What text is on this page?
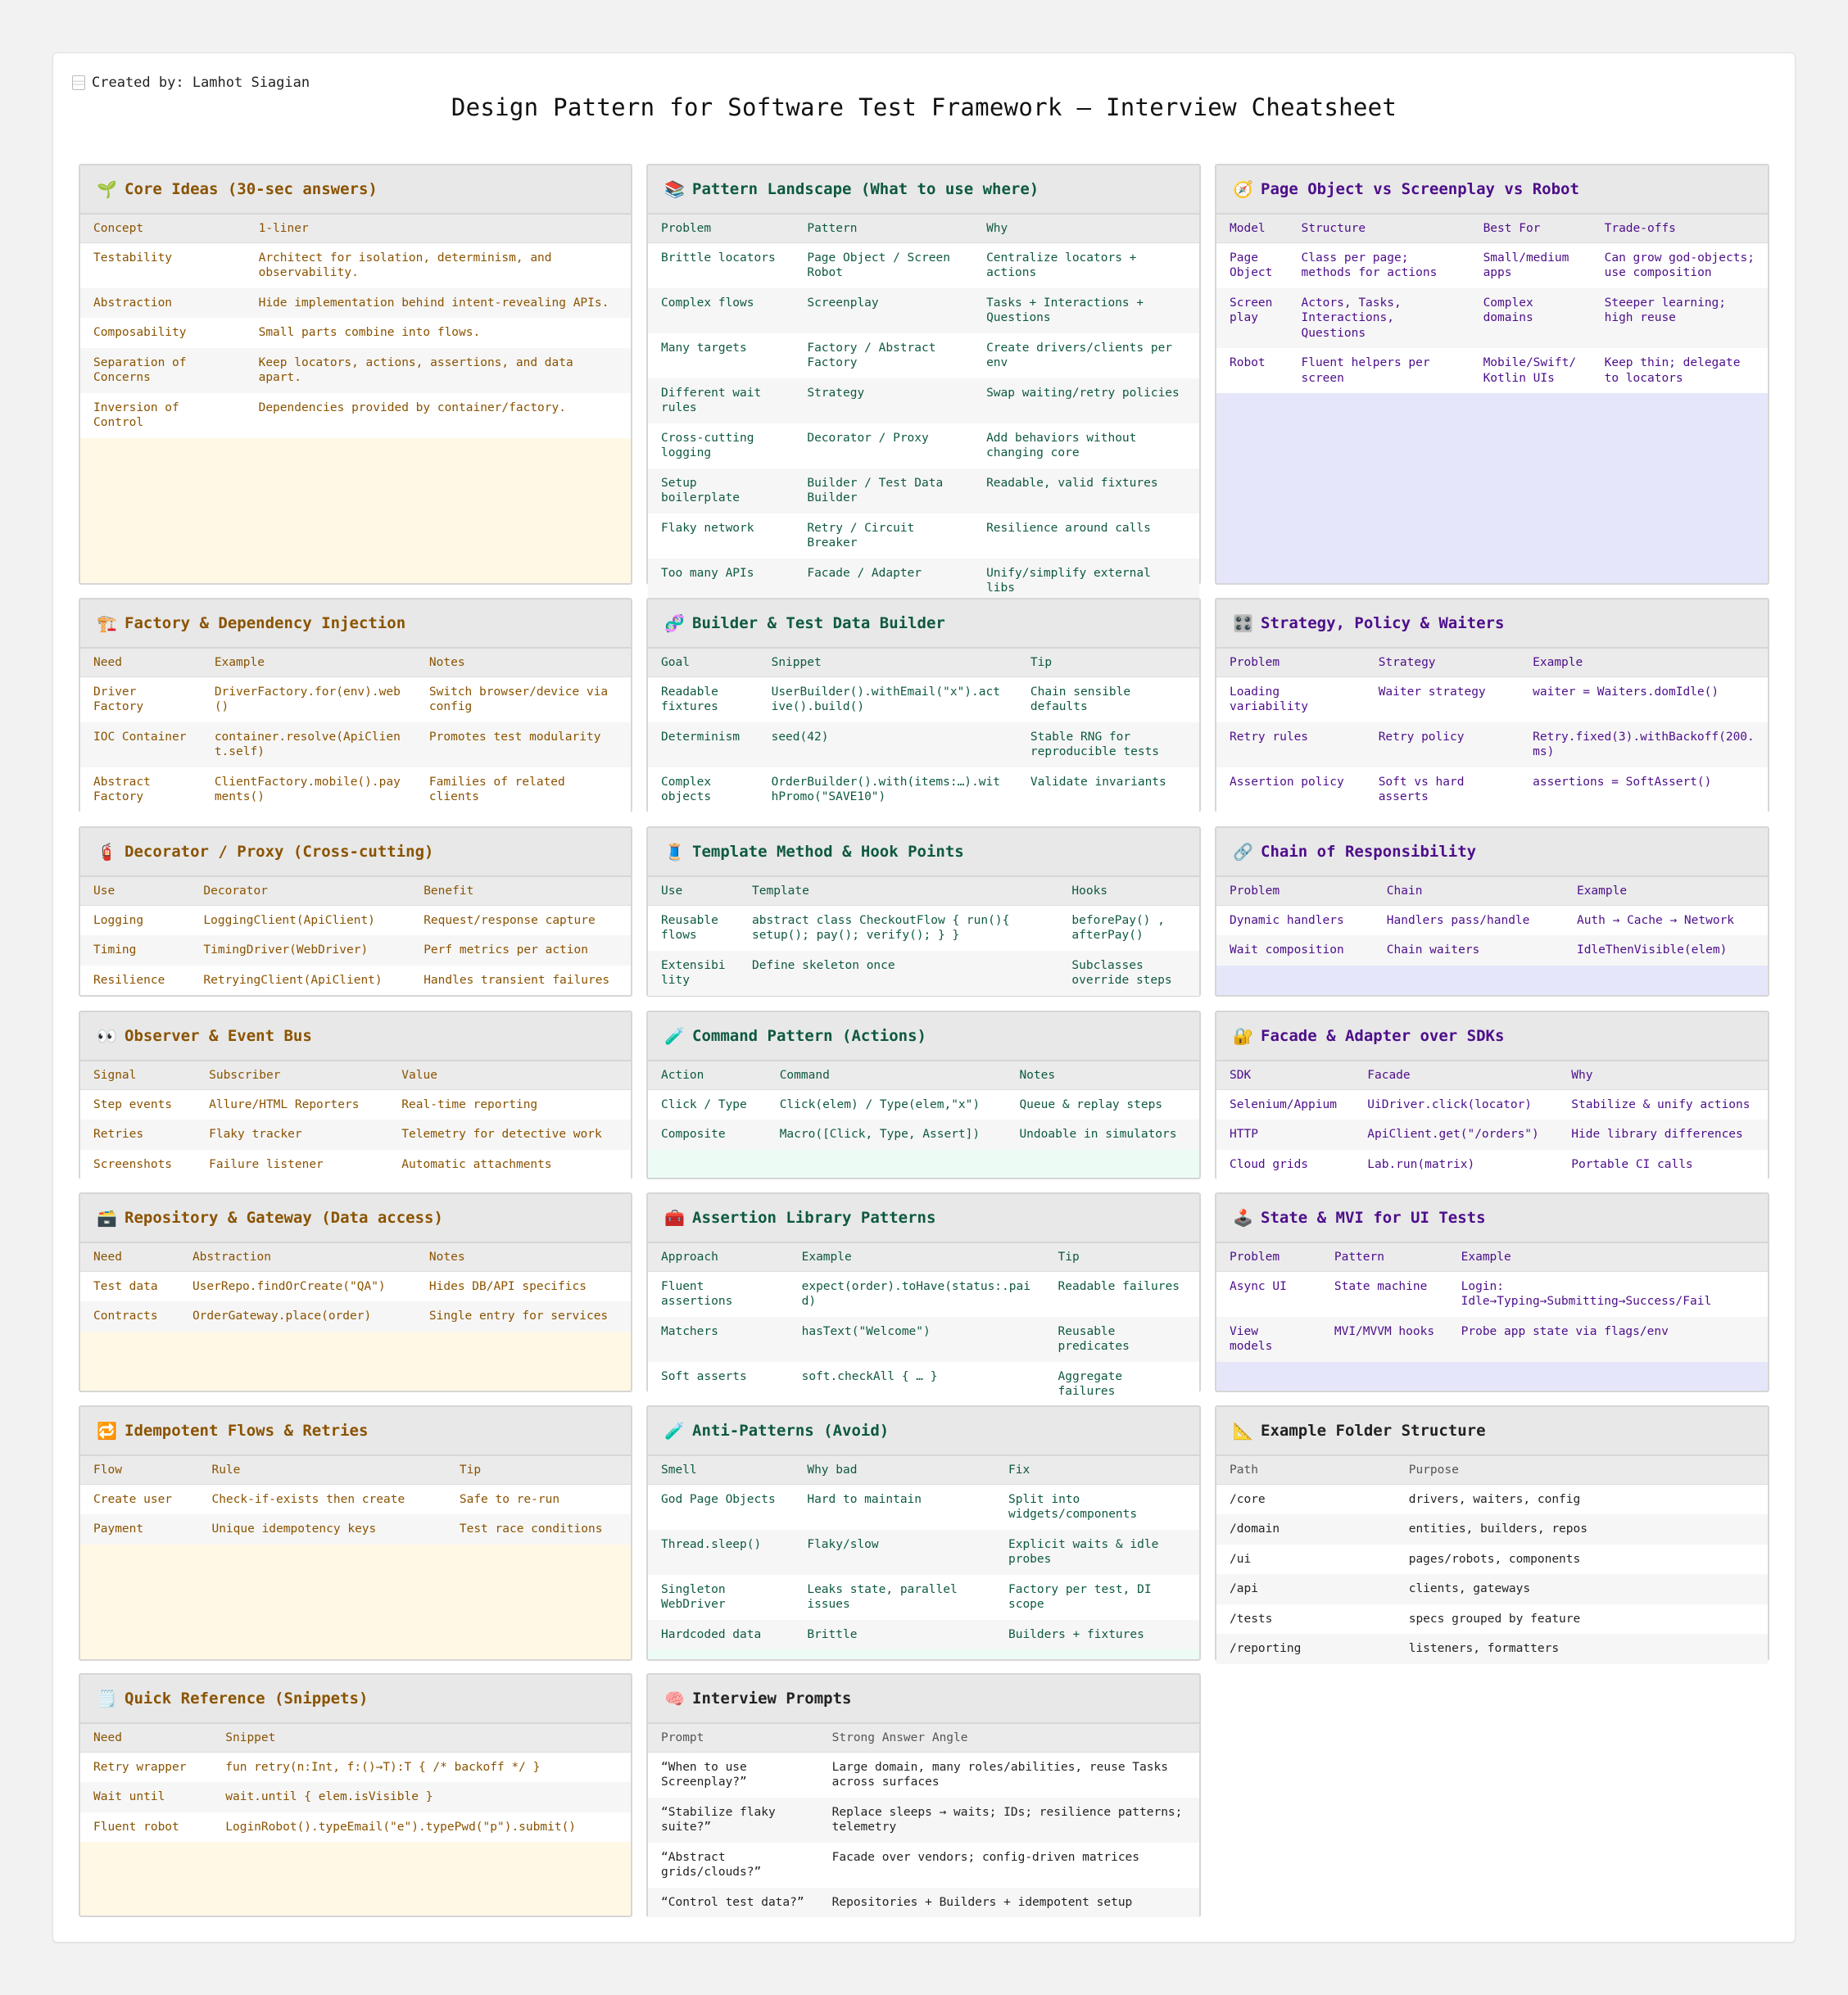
Created by: Lamhot Siagian
Design Pattern for Software Test Framework — Interview Cheatsheet
🌱 Core Ideas (30-sec answers)
Concept	1-liner
Testability	Architect for isolation, determinism, and observability.
Abstraction	Hide implementation behind intent-revealing APIs.
Composability	Small parts combine into flows.
Separation of Concerns	Keep locators, actions, assertions, and data apart.
Inversion of Control	Dependencies provided by container/factory.
📚 Pattern Landscape (What to use where)
Problem	Pattern	Why
Brittle locators	Page Object / Screen Robot	Centralize locators + actions
Complex flows	Screenplay	Tasks + Interactions + Questions
Many targets	Factory / Abstract Factory	Create drivers/clients per env
Different wait rules	Strategy	Swap waiting/retry policies
Cross-cutting logging	Decorator / Proxy	Add behaviors without changing core
Setup boilerplate	Builder / Test Data Builder	Readable, valid fixtures
Flaky network	Retry / Circuit Breaker	Resilience around calls
Too many APIs	Facade / Adapter	Unify/simplify external libs
🧭 Page Object vs Screenplay vs Robot
Model	Structure	Best For	Trade-offs
Page Object	Class per page; methods for actions	Small/medium apps	Can grow god-objects; use composition
Screen play	Actors, Tasks, Interactions, Questions	Complex domains	Steeper learning; high reuse
Robot	Fluent helpers per screen	Mobile/Swift/ Kotlin UIs	Keep thin; delegate to locators
🏗️ Factory & Dependency Injection
Need	Example	Notes
Driver Factory	DriverFactory.for(env).web()	Switch browser/device via config
IOC Container	container.resolve(ApiClient.self)	Promotes test modularity
Abstract Factory	ClientFactory.mobile().payments()	Families of related clients
🧬 Builder & Test Data Builder
Goal	Snippet	Tip
Readable fixtures	UserBuilder().withEmail("x").active().build()	Chain sensible defaults
Determinism	seed(42)	Stable RNG for reproducible tests
Complex objects	OrderBuilder().with(items:…).withPromo("SAVE10")	Validate invariants
🎛️ Strategy, Policy & Waiters
Problem	Strategy	Example
Loading variability	Waiter strategy	waiter = Waiters.domIdle()
Retry rules	Retry policy	Retry.fixed(3).withBackoff(200.ms)
Assertion policy	Soft vs hard asserts	assertions = SoftAssert()
🧯 Decorator / Proxy (Cross-cutting)
Use	Decorator	Benefit
Logging	LoggingClient(ApiClient)	Request/response capture
Timing	TimingDriver(WebDriver)	Perf metrics per action
Resilience	RetryingClient(ApiClient)	Handles transient failures
🧵 Template Method & Hook Points
Use	Template	Hooks
Reusable flows	abstract class CheckoutFlow { run(){ setup(); pay(); verify(); } }	beforePay() , afterPay()
Extensibility	Define skeleton once	Subclasses override steps
🔗 Chain of Responsibility
Problem	Chain	Example
Dynamic handlers	Handlers pass/handle	Auth → Cache → Network
Wait composition	Chain waiters	IdleThenVisible(elem)
👀 Observer & Event Bus
Signal	Subscriber	Value
Step events	Allure/HTML Reporters	Real-time reporting
Retries	Flaky tracker	Telemetry for detective work
Screenshots	Failure listener	Automatic attachments
🧪 Command Pattern (Actions)
Action	Command	Notes
Click / Type	Click(elem) / Type(elem,"x")	Queue & replay steps
Composite	Macro([Click, Type, Assert])	Undoable in simulators
🔐 Facade & Adapter over SDKs
SDK	Facade	Why
Selenium/Appium	UiDriver.click(locator)	Stabilize & unify actions
HTTP	ApiClient.get("/orders")	Hide library differences
Cloud grids	Lab.run(matrix)	Portable CI calls
🗃️ Repository & Gateway (Data access)
Need	Abstraction	Notes
Test data	UserRepo.findOrCreate("QA")	Hides DB/API specifics
Contracts	OrderGateway.place(order)	Single entry for services
🧰 Assertion Library Patterns
Approach	Example	Tip
Fluent assertions	expect(order).toHave(status:.paid)	Readable failures
Matchers	hasText("Welcome")	Reusable predicates
Soft asserts	soft.checkAll { … }	Aggregate failures
🕹️ State & MVI for UI Tests
Problem	Pattern	Example
Async UI	State machine	Login: Idle→Typing→Submitting→Success/Fail
View models	MVI/MVVM hooks	Probe app state via flags/env
🔁 Idempotent Flows & Retries
Flow	Rule	Tip
Create user	Check-if-exists then create	Safe to re-run
Payment	Unique idempotency keys	Test race conditions
🧪 Anti-Patterns (Avoid)
Smell	Why bad	Fix
God Page Objects	Hard to maintain	Split into widgets/components
Thread.sleep()	Flaky/slow	Explicit waits & idle probes
Singleton WebDriver	Leaks state, parallel issues	Factory per test, DI scope
Hardcoded data	Brittle	Builders + fixtures
📐 Example Folder Structure
Path	Purpose
/core	drivers, waiters, config
/domain	entities, builders, repos
/ui	pages/robots, components
/api	clients, gateways
/tests	specs grouped by feature
/reporting	listeners, formatters
🗒️ Quick Reference (Snippets)
Need	Snippet
Retry wrapper	fun retry(n:Int, f:()→T):T { /* backoff */ }
Wait until	wait.until { elem.isVisible }
Fluent robot	LoginRobot().typeEmail("e").typePwd("p").submit()
🧠 Interview Prompts
Prompt	Strong Answer Angle
“When to use Screenplay?”	Large domain, many roles/abilities, reuse Tasks across surfaces
“Stabilize flaky suite?”	Replace sleeps → waits; IDs; resilience patterns; telemetry
“Abstract grids/clouds?”	Facade over vendors; config-driven matrices
“Control test data?”	Repositories + Builders + idempotent setup
